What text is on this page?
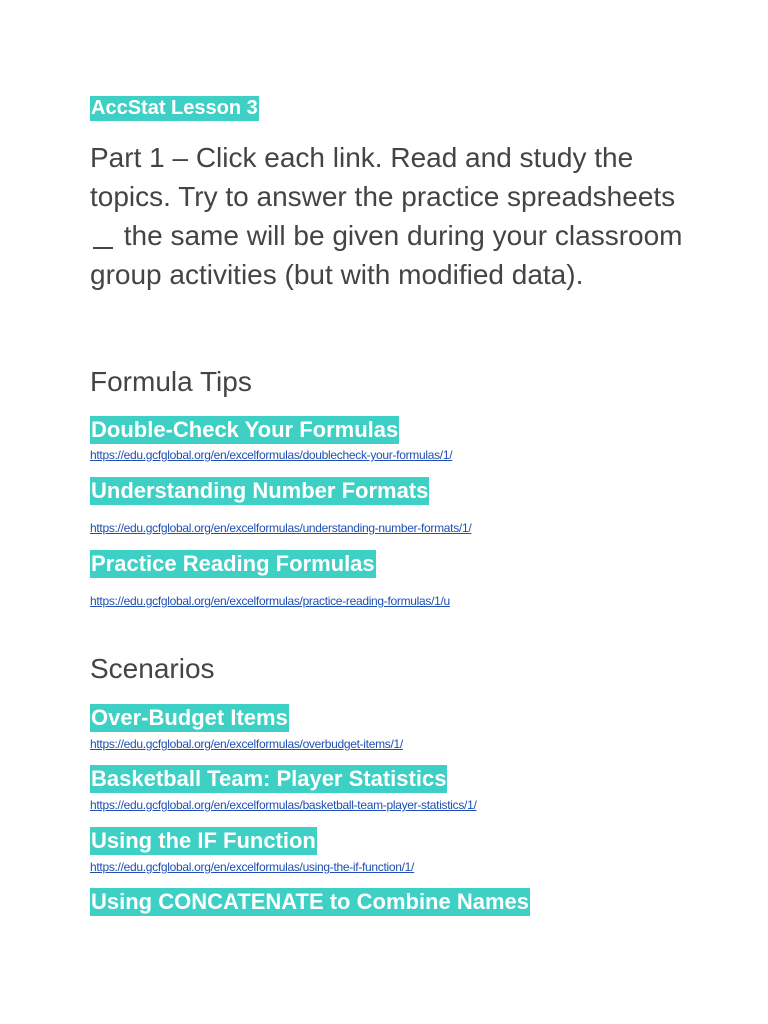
AccStat Lesson 3
Part 1 – Click each link. Read and study the topics. Try to answer the practice spreadsheets  the same will be given during your classroom group activities (but with modified data).
Formula Tips
Double-Check Your Formulas
https://edu.gcfglobal.org/en/excelformulas/doublecheck-your-formulas/1/
Understanding Number Formats
https://edu.gcfglobal.org/en/excelformulas/understanding-number-formats/1/
Practice Reading Formulas
https://edu.gcfglobal.org/en/excelformulas/practice-reading-formulas/1/u
Scenarios
Over-Budget Items
https://edu.gcfglobal.org/en/excelformulas/overbudget-items/1/
Basketball Team: Player Statistics
https://edu.gcfglobal.org/en/excelformulas/basketball-team-player-statistics/1/
Using the IF Function
https://edu.gcfglobal.org/en/excelformulas/using-the-if-function/1/
Using CONCATENATE to Combine Names
